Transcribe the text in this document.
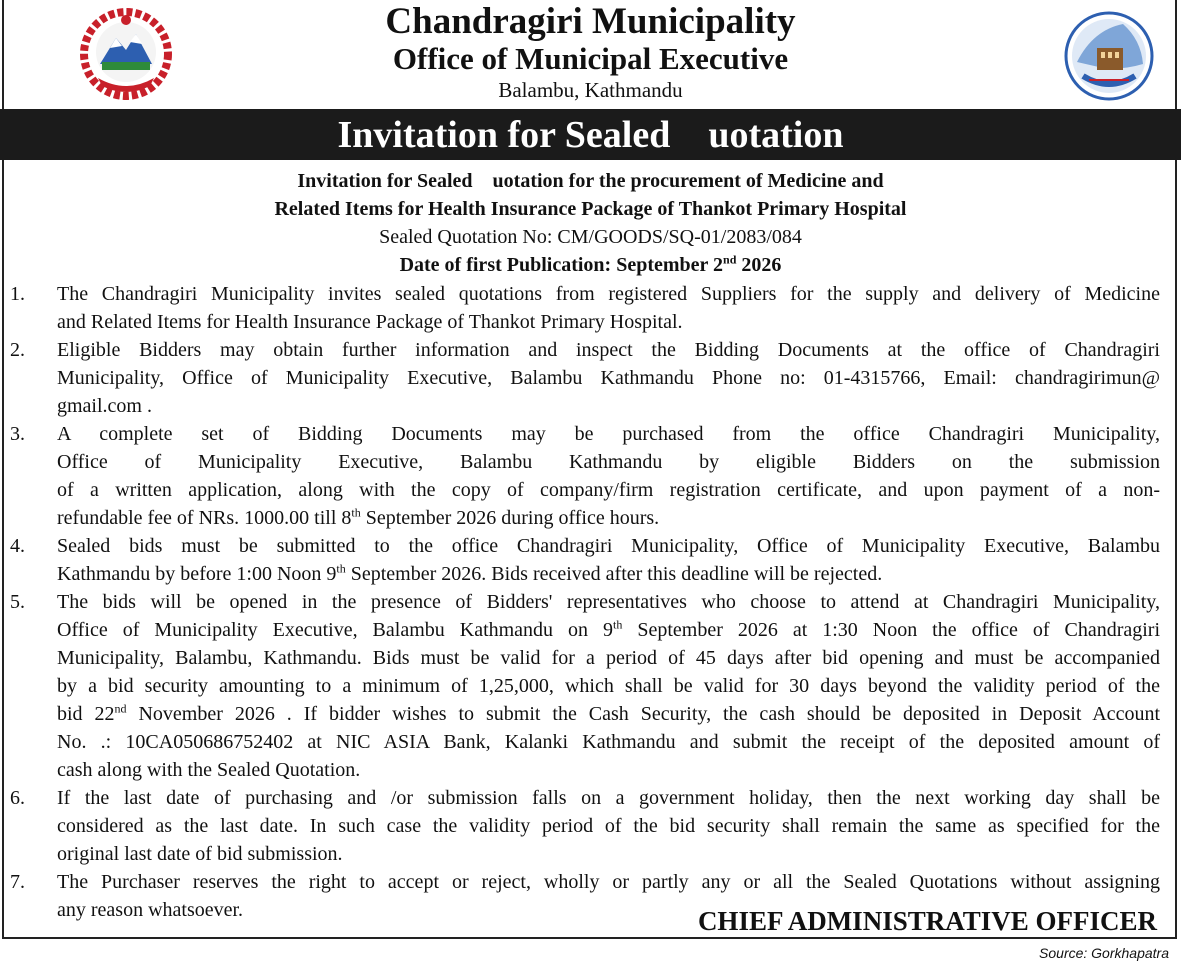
Chandragiri Municipality
Office of Municipal Executive
Balambu, Kathmandu
Invitation for Sealed    uotation
Invitation for Sealed    uotation for the procurement of Medicine and
Related Items for Health Insurance Package of Thankot Primary Hospital
Sealed Quotation No: CM/GOODS/SQ-01/2083/084
Date of first Publication: September 2nd 2026
1. The Chandragiri Municipality invites sealed quotations from registered Suppliers for the supply and delivery of Medicine

and Related Items for Health Insurance Package of Thankot Primary Hospital.

2. Eligible Bidders may obtain further information and inspect the Bidding Documents at the office of Chandragiri

Municipality, Office of Municipality Executive, Balambu Kathmandu Phone no: 01-4315766, Email: chandragirimun@

gmail.com .

3. A complete set of Bidding Documents may be purchased from the office Chandragiri Municipality,

Office of Municipality Executive, Balambu Kathmandu by eligible Bidders on the submission

of a written application, along with the copy of company/firm registration certificate, and upon payment of a non-

refundable fee of NRs. 1000.00 till 8th September 2026 during office hours.

4. Sealed bids must be submitted to the office Chandragiri Municipality, Office of Municipality Executive, Balambu

Kathmandu by before 1:00 Noon 9th September 2026. Bids received after this deadline will be rejected.

5. The bids will be opened in the presence of Bidders' representatives who choose to attend at Chandragiri Municipality,

Office of Municipality Executive, Balambu Kathmandu on 9th September 2026 at 1:30 Noon the office of Chandragiri

Municipality, Balambu, Kathmandu. Bids must be valid for a period of 45 days after bid opening and must be accompanied

by a bid security amounting to a minimum of 1,25,000, which shall be valid for 30 days beyond the validity period of the

bid 22nd November 2026 . If bidder wishes to submit the Cash Security, the cash should be deposited in Deposit Account

No. .: 10CA050686752402 at NIC ASIA Bank, Kalanki Kathmandu and submit the receipt of the deposited amount of

cash along with the Sealed Quotation.

6. If the last date of purchasing and /or submission falls on a government holiday, then the next working day shall be

considered as the last date. In such case the validity period of the bid security shall remain the same as specified for the

original last date of bid submission.

7. The Purchaser reserves the right to accept or reject, wholly or partly any or all the Sealed Quotations without assigning

any reason whatsoever.	CHIEF ADMINISTRATIVE OFFICER
Source: Gorkhapatra
